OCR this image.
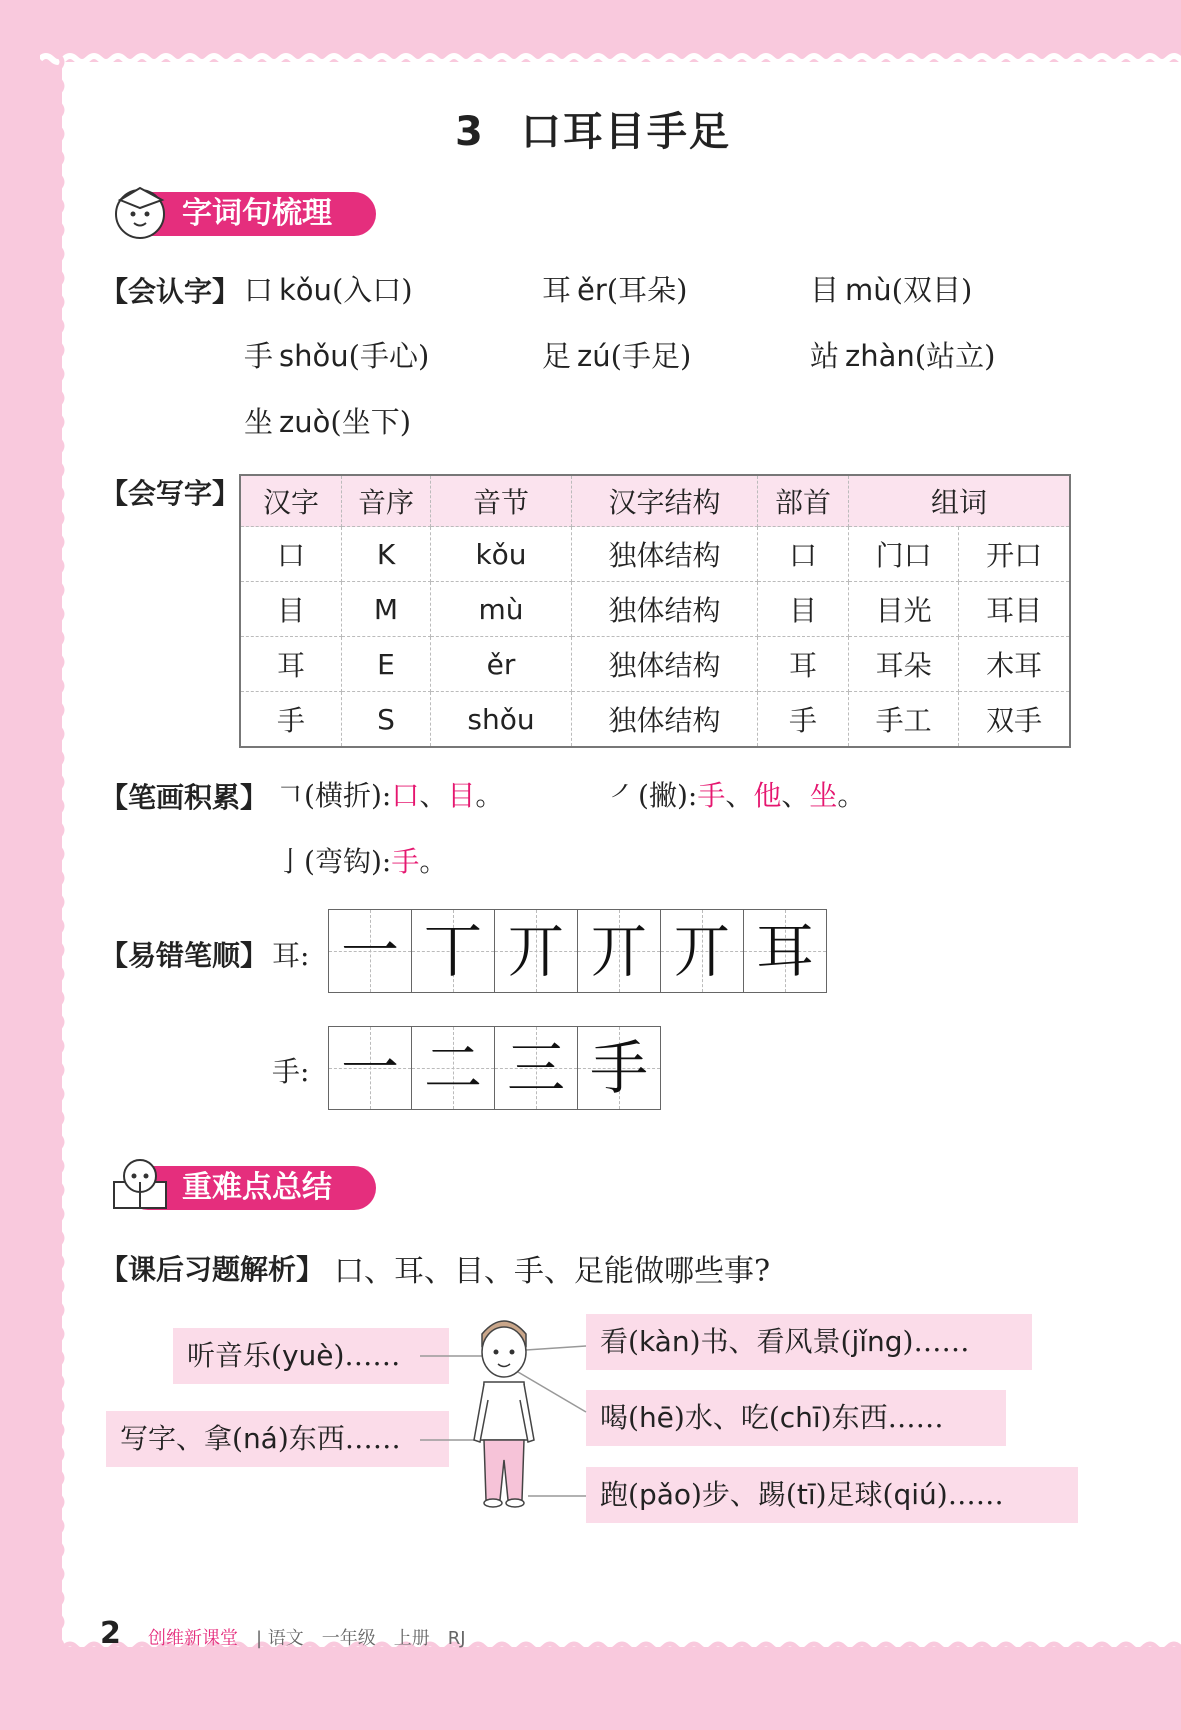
3 口耳目手足
字词句梳理
【会认字】 口 kǒu(入口)	耳 ěr(耳朵)	目 mù(双目)
手 shǒu(手心)	足 zú(手足)	站 zhàn(站立)
坐 zuò(坐下)
【会写字】 汉字	音序	音节	汉字结构	部首	组词	
口	K	kǒu	独体结构	口	门口	开口
目	M	mù	独体结构	目	目光	耳目
耳	E	ěr	独体结构	耳	耳朵	木耳
手	S	shǒu	独体结构	手	手工	双手
【笔画积累】 𠃍(横折):口、目。	㇒(撇):手、他、坐。
亅(弯钩):手。
【易错笔顺】 耳: 一 丅 丌 丌 丌 耳
手: 一 二 三 手
重难点总结
【课后习题解析】 口、耳、目、手、足能做哪些事?
听音乐(yuè)……
写字、拿(ná)东西……
看(kàn)书、看风景(jǐng)……
喝(hē)水、吃(chī)东西……
跑(pǎo)步、踢(tī)足球(qiú)……
2 创维新课堂 | 语文　一年级　上册　RJ
